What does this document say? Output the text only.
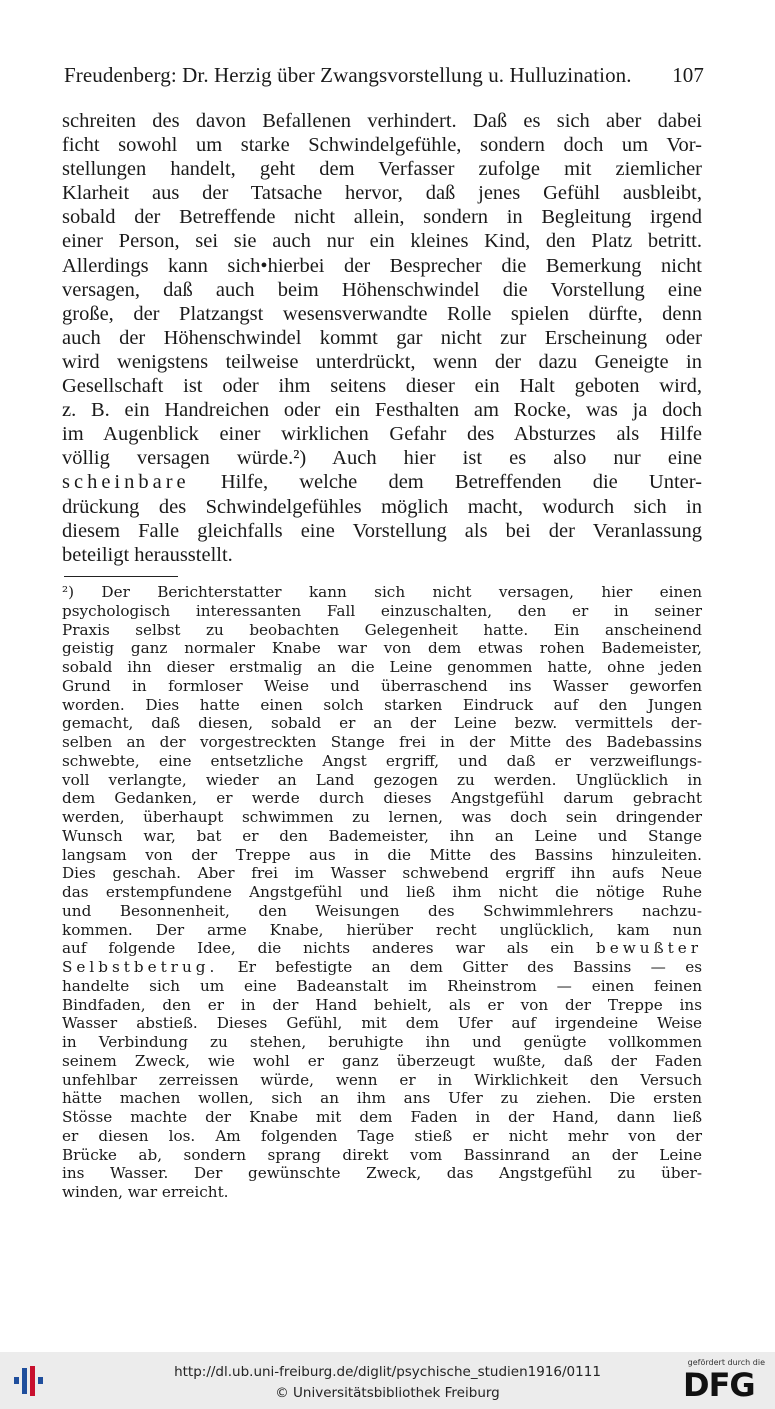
Freudenberg: Dr. Herzig über Zwangsvorstellung u. Hulluzination. 107
schreiten des davon Befallenen verhindert. Daß es sich aber dabei
ficht sowohl um starke Schwindelgefühle, sondern doch um Vor-
stellungen handelt, geht dem Verfasser zufolge mit ziemlicher
Klarheit aus der Tatsache hervor, daß jenes Gefühl ausbleibt,
sobald der Betreffende nicht allein, sondern in Begleitung irgend
einer Person, sei sie auch nur ein kleines Kind, den Platz betritt.
Allerdings kann sich•hierbei der Besprecher die Bemerkung nicht
versagen, daß auch beim Höhenschwindel die Vorstellung eine
große, der Platzangst wesensverwandte Rolle spielen dürfte, denn
auch der Höhenschwindel kommt gar nicht zur Erscheinung oder
wird wenigstens teilweise unterdrückt, wenn der dazu Geneigte in
Gesellschaft ist oder ihm seitens dieser ein Halt geboten wird,
z. B. ein Handreichen oder ein Festhalten am Rocke, was ja doch
im Augenblick einer wirklichen Gefahr des Absturzes als Hilfe
völlig versagen würde.²) Auch hier ist es also nur eine
scheinbare Hilfe, welche dem Betreffenden die Unter-
drückung des Schwindelgefühles möglich macht, wodurch sich in
diesem Falle gleichfalls eine Vorstellung als bei der Veranlassung
beteiligt herausstellt.
²) Der Berichterstatter kann sich nicht versagen, hier einen
psychologisch interessanten Fall einzuschalten, den er in seiner
Praxis selbst zu beobachten Gelegenheit hatte. Ein anscheinend
geistig ganz normaler Knabe war von dem etwas rohen Bademeister,
sobald ihn dieser erstmalig an die Leine genommen hatte, ohne jeden
Grund in formloser Weise und überraschend ins Wasser geworfen
worden. Dies hatte einen solch starken Eindruck auf den Jungen
gemacht, daß diesen, sobald er an der Leine bezw. vermittels der-
selben an der vorgestreckten Stange frei in der Mitte des Badebassins
schwebte, eine entsetzliche Angst ergriff, und daß er verzweiflungs-
voll verlangte, wieder an Land gezogen zu werden. Unglücklich in
dem Gedanken, er werde durch dieses Angstgefühl darum gebracht
werden, überhaupt schwimmen zu lernen, was doch sein dringender
Wunsch war, bat er den Bademeister, ihn an Leine und Stange
langsam von der Treppe aus in die Mitte des Bassins hinzuleiten.
Dies geschah. Aber frei im Wasser schwebend ergriff ihn aufs Neue
das erstempfundene Angstgefühl und ließ ihm nicht die nötige Ruhe
und Besonnenheit, den Weisungen des Schwimmlehrers nachzu-
kommen. Der arme Knabe, hierüber recht unglücklich, kam nun
auf folgende Idee, die nichts anderes war als ein bewußter
Selbstbetrug. Er befestigte an dem Gitter des Bassins — es
handelte sich um eine Badeanstalt im Rheinstrom — einen feinen
Bindfaden, den er in der Hand behielt, als er von der Treppe ins
Wasser abstieß. Dieses Gefühl, mit dem Ufer auf irgendeine Weise
in Verbindung zu stehen, beruhigte ihn und genügte vollkommen
seinem Zweck, wie wohl er ganz überzeugt wußte, daß der Faden
unfehlbar zerreissen würde, wenn er in Wirklichkeit den Versuch
hätte machen wollen, sich an ihm ans Ufer zu ziehen. Die ersten
Stösse machte der Knabe mit dem Faden in der Hand, dann ließ
er diesen los. Am folgenden Tage stieß er nicht mehr von der
Brücke ab, sondern sprang direkt vom Bassinrand an der Leine
ins Wasser. Der gewünschte Zweck, das Angstgefühl zu über-
winden, war erreicht.
http://dl.ub.uni-freiburg.de/diglit/psychische_studien1916/0111
© Universitätsbibliothek Freiburg
gefördert durch die
DFG
